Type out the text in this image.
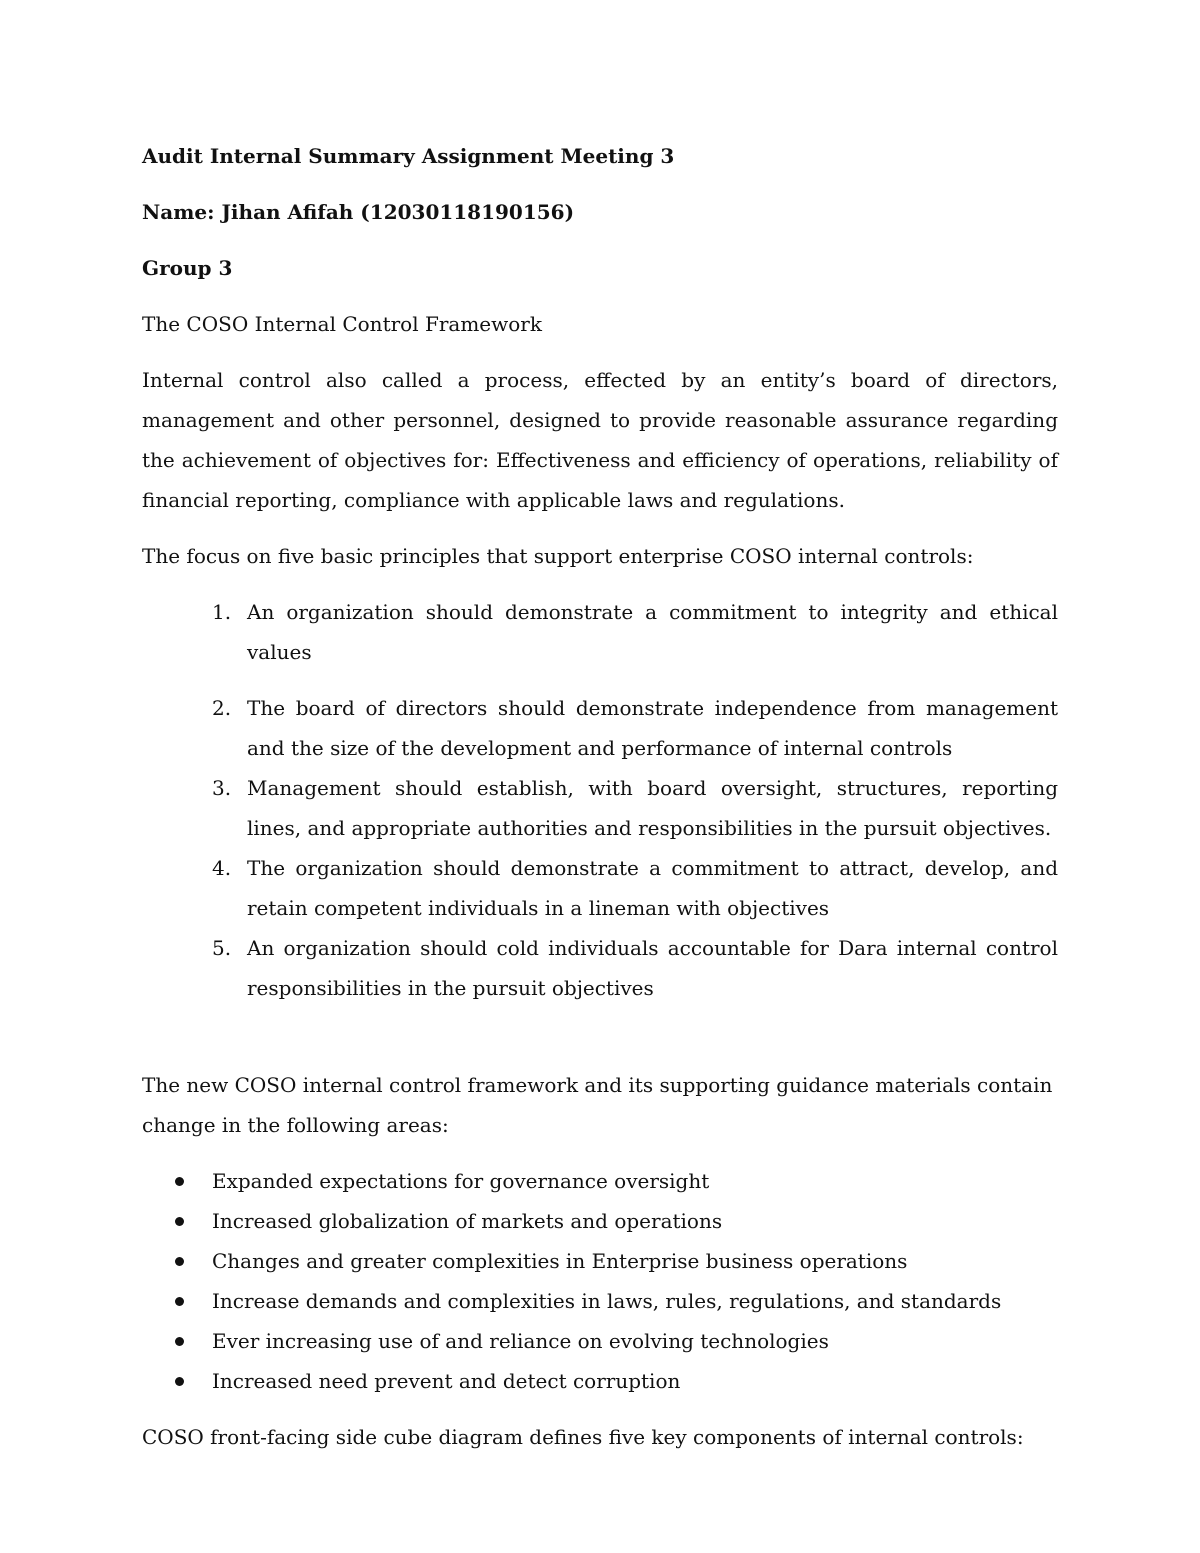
Audit Internal Summary Assignment Meeting 3

Name: Jihan Afifah (12030118190156)

Group 3

The COSO Internal Control Framework

Internal control also called a process, effected by an entity’s board of directors, management and other personnel, designed to provide reasonable assurance regarding the achievement of objectives for: Effectiveness and efficiency of operations, reliability of financial reporting, compliance with applicable laws and regulations.

The focus on five basic principles that support enterprise COSO internal controls:

1. An organization should demonstrate a commitment to integrity and ethical values
2. The board of directors should demonstrate independence from management and the size of the development and performance of internal controls
3. Management should establish, with board oversight, structures, reporting lines, and appropriate authorities and responsibilities in the pursuit objectives.
4. The organization should demonstrate a commitment to attract, develop, and retain competent individuals in a lineman with objectives
5. An organization should cold individuals accountable for Dara internal control responsibilities in the pursuit objectives

The new COSO internal control framework and its supporting guidance materials contain change in the following areas:

Expanded expectations for governance oversight
Increased globalization of markets and operations
Changes and greater complexities in Enterprise business operations
Increase demands and complexities in laws, rules, regulations, and standards
Ever increasing use of and reliance on evolving technologies
Increased need prevent and detect corruption

COSO front-facing side cube diagram defines five key components of internal controls:
